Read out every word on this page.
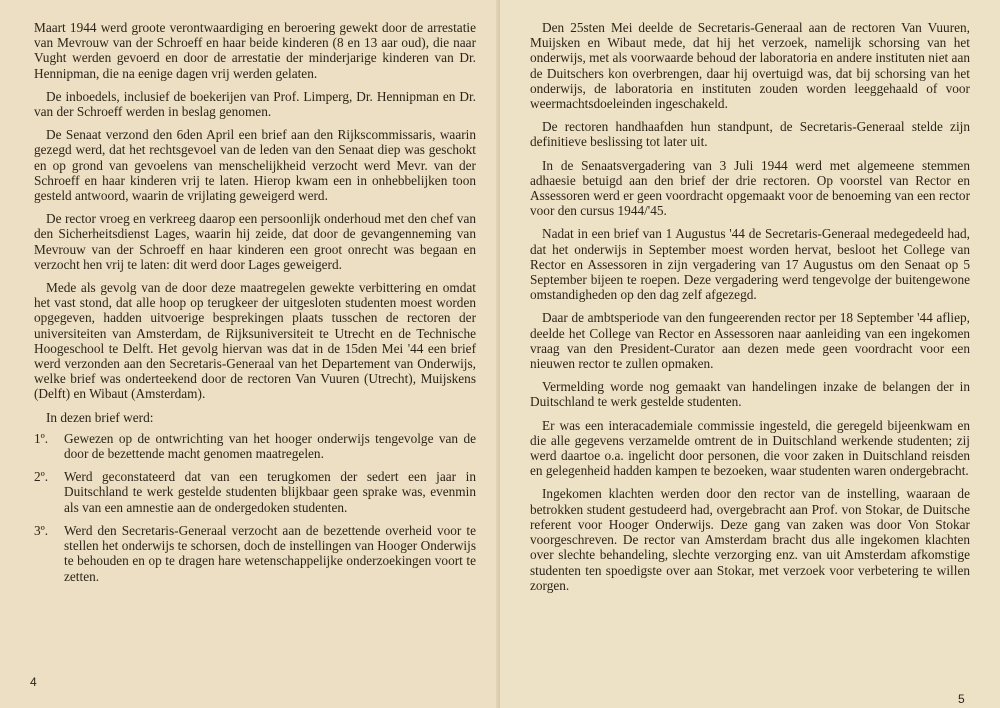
Maart 1944 werd groote verontwaardiging en beroering gewekt door de arrestatie van Mevrouw van der Schroeff en haar beide kinderen (8 en 13 aar oud), die naar Vught werden gevoerd en door de arrestatie der minderjarige kinderen van Dr. Hennipman, die na eenige dagen vrij werden gelaten.

De inboedels, inclusief de boekerijen van Prof. Limperg, Dr. Hennipman en Dr. van der Schroeff werden in beslag genomen.

De Senaat verzond den 6den April een brief aan den Rijkscommissaris, waarin gezegd werd, dat het rechtsgevoel van de leden van den Senaat diep was geschokt en op grond van gevoelens van menschelijkheid verzocht werd Mevr. van der Schroeff en haar kinderen vrij te laten. Hierop kwam een in onhebbelijken toon gesteld antwoord, waarin de vrijlating geweigerd werd.

De rector vroeg en verkreeg daarop een persoonlijk onderhoud met den chef van den Sicherheitsdienst Lages, waarin hij zeide, dat door de gevangenneming van Mevrouw van der Schroeff en haar kinderen een groot onrecht was begaan en verzocht hen vrij te laten: dit werd door Lages geweigerd.

Mede als gevolg van de door deze maatregelen gewekte verbittering en omdat het vast stond, dat alle hoop op terugkeer der uitgesloten studenten moest worden opgegeven, hadden uitvoerige besprekingen plaats tusschen de rectoren der universiteiten van Amsterdam, de Rijksuniversiteit te Utrecht en de Technische Hoogeschool te Delft. Het gevolg hiervan was dat in de 15den Mei '44 een brief werd verzonden aan den Secretaris-Generaal van het Departement van Onderwijs, welke brief was onderteekend door de rectoren Van Vuuren (Utrecht), Muijskens (Delft) en Wibaut (Amsterdam).

In dezen brief werd:

1º.	Gewezen op de ontwrichting van het hooger onderwijs tengevolge van de door de bezettende macht genomen maatregelen.
2º.	Werd geconstateerd dat van een terugkomen der sedert een jaar in Duitschland te werk gestelde studenten blijkbaar geen sprake was, evenmin als van een amnestie aan de ondergedoken studenten.
3º.	Werd den Secretaris-Generaal verzocht aan de bezettende overheid voor te stellen het onderwijs te schorsen, doch de instellingen van Hooger Onderwijs te behouden en op te dragen hare wetenschappelijke onderzoekingen voort te zetten.

Den 25sten Mei deelde de Secretaris-Generaal aan de rectoren Van Vuuren, Muijsken en Wibaut mede, dat hij het verzoek, namelijk schorsing van het onderwijs, met als voorwaarde behoud der laboratoria en andere instituten niet aan de Duitschers kon overbrengen, daar hij overtuigd was, dat bij schorsing van het onderwijs, de laboratoria en instituten zouden worden leeggehaald of voor weermachtsdoeleinden ingeschakeld.

De rectoren handhaafden hun standpunt, de Secretaris-Generaal stelde zijn definitieve beslissing tot later uit.

In de Senaatsvergadering van 3 Juli 1944 werd met algemeene stemmen adhaesie betuigd aan den brief der drie rectoren. Op voorstel van Rector en Assessoren werd er geen voordracht opgemaakt voor de benoeming van een rector voor den cursus 1944/'45.

Nadat in een brief van 1 Augustus '44 de Secretaris-Generaal medegedeeld had, dat het onderwijs in September moest worden hervat, besloot het College van Rector en Assessoren in zijn vergadering van 17 Augustus om den Senaat op 5 September bijeen te roepen. Deze vergadering werd tengevolge der buitengewone omstandigheden op den dag zelf afgezegd.

Daar de ambtsperiode van den fungeerenden rector per 18 September '44 afliep, deelde het College van Rector en Assessoren naar aanleiding van een ingekomen vraag van den President-Curator aan dezen mede geen voordracht voor een nieuwen rector te zullen opmaken.

Vermelding worde nog gemaakt van handelingen inzake de belangen der in Duitschland te werk gestelde studenten.

Er was een interacademiale commissie ingesteld, die geregeld bijeenkwam en die alle gegevens verzamelde omtrent de in Duitschland werkende studenten; zij werd daartoe o.a. ingelicht door personen, die voor zaken in Duitschland reisden en gelegenheid hadden kampen te bezoeken, waar studenten waren ondergebracht.

Ingekomen klachten werden door den rector van de instelling, waaraan de betrokken student gestudeerd had, overgebracht aan Prof. von Stokar, de Duitsche referent voor Hooger Onderwijs. Deze gang van zaken was door Von Stokar voorgeschreven. De rector van Amsterdam bracht dus alle ingekomen klachten over slechte behandeling, slechte verzorging enz. van uit Amsterdam afkomstige studenten ten spoedigste over aan Stokar, met verzoek voor verbetering te willen zorgen.

4
5
